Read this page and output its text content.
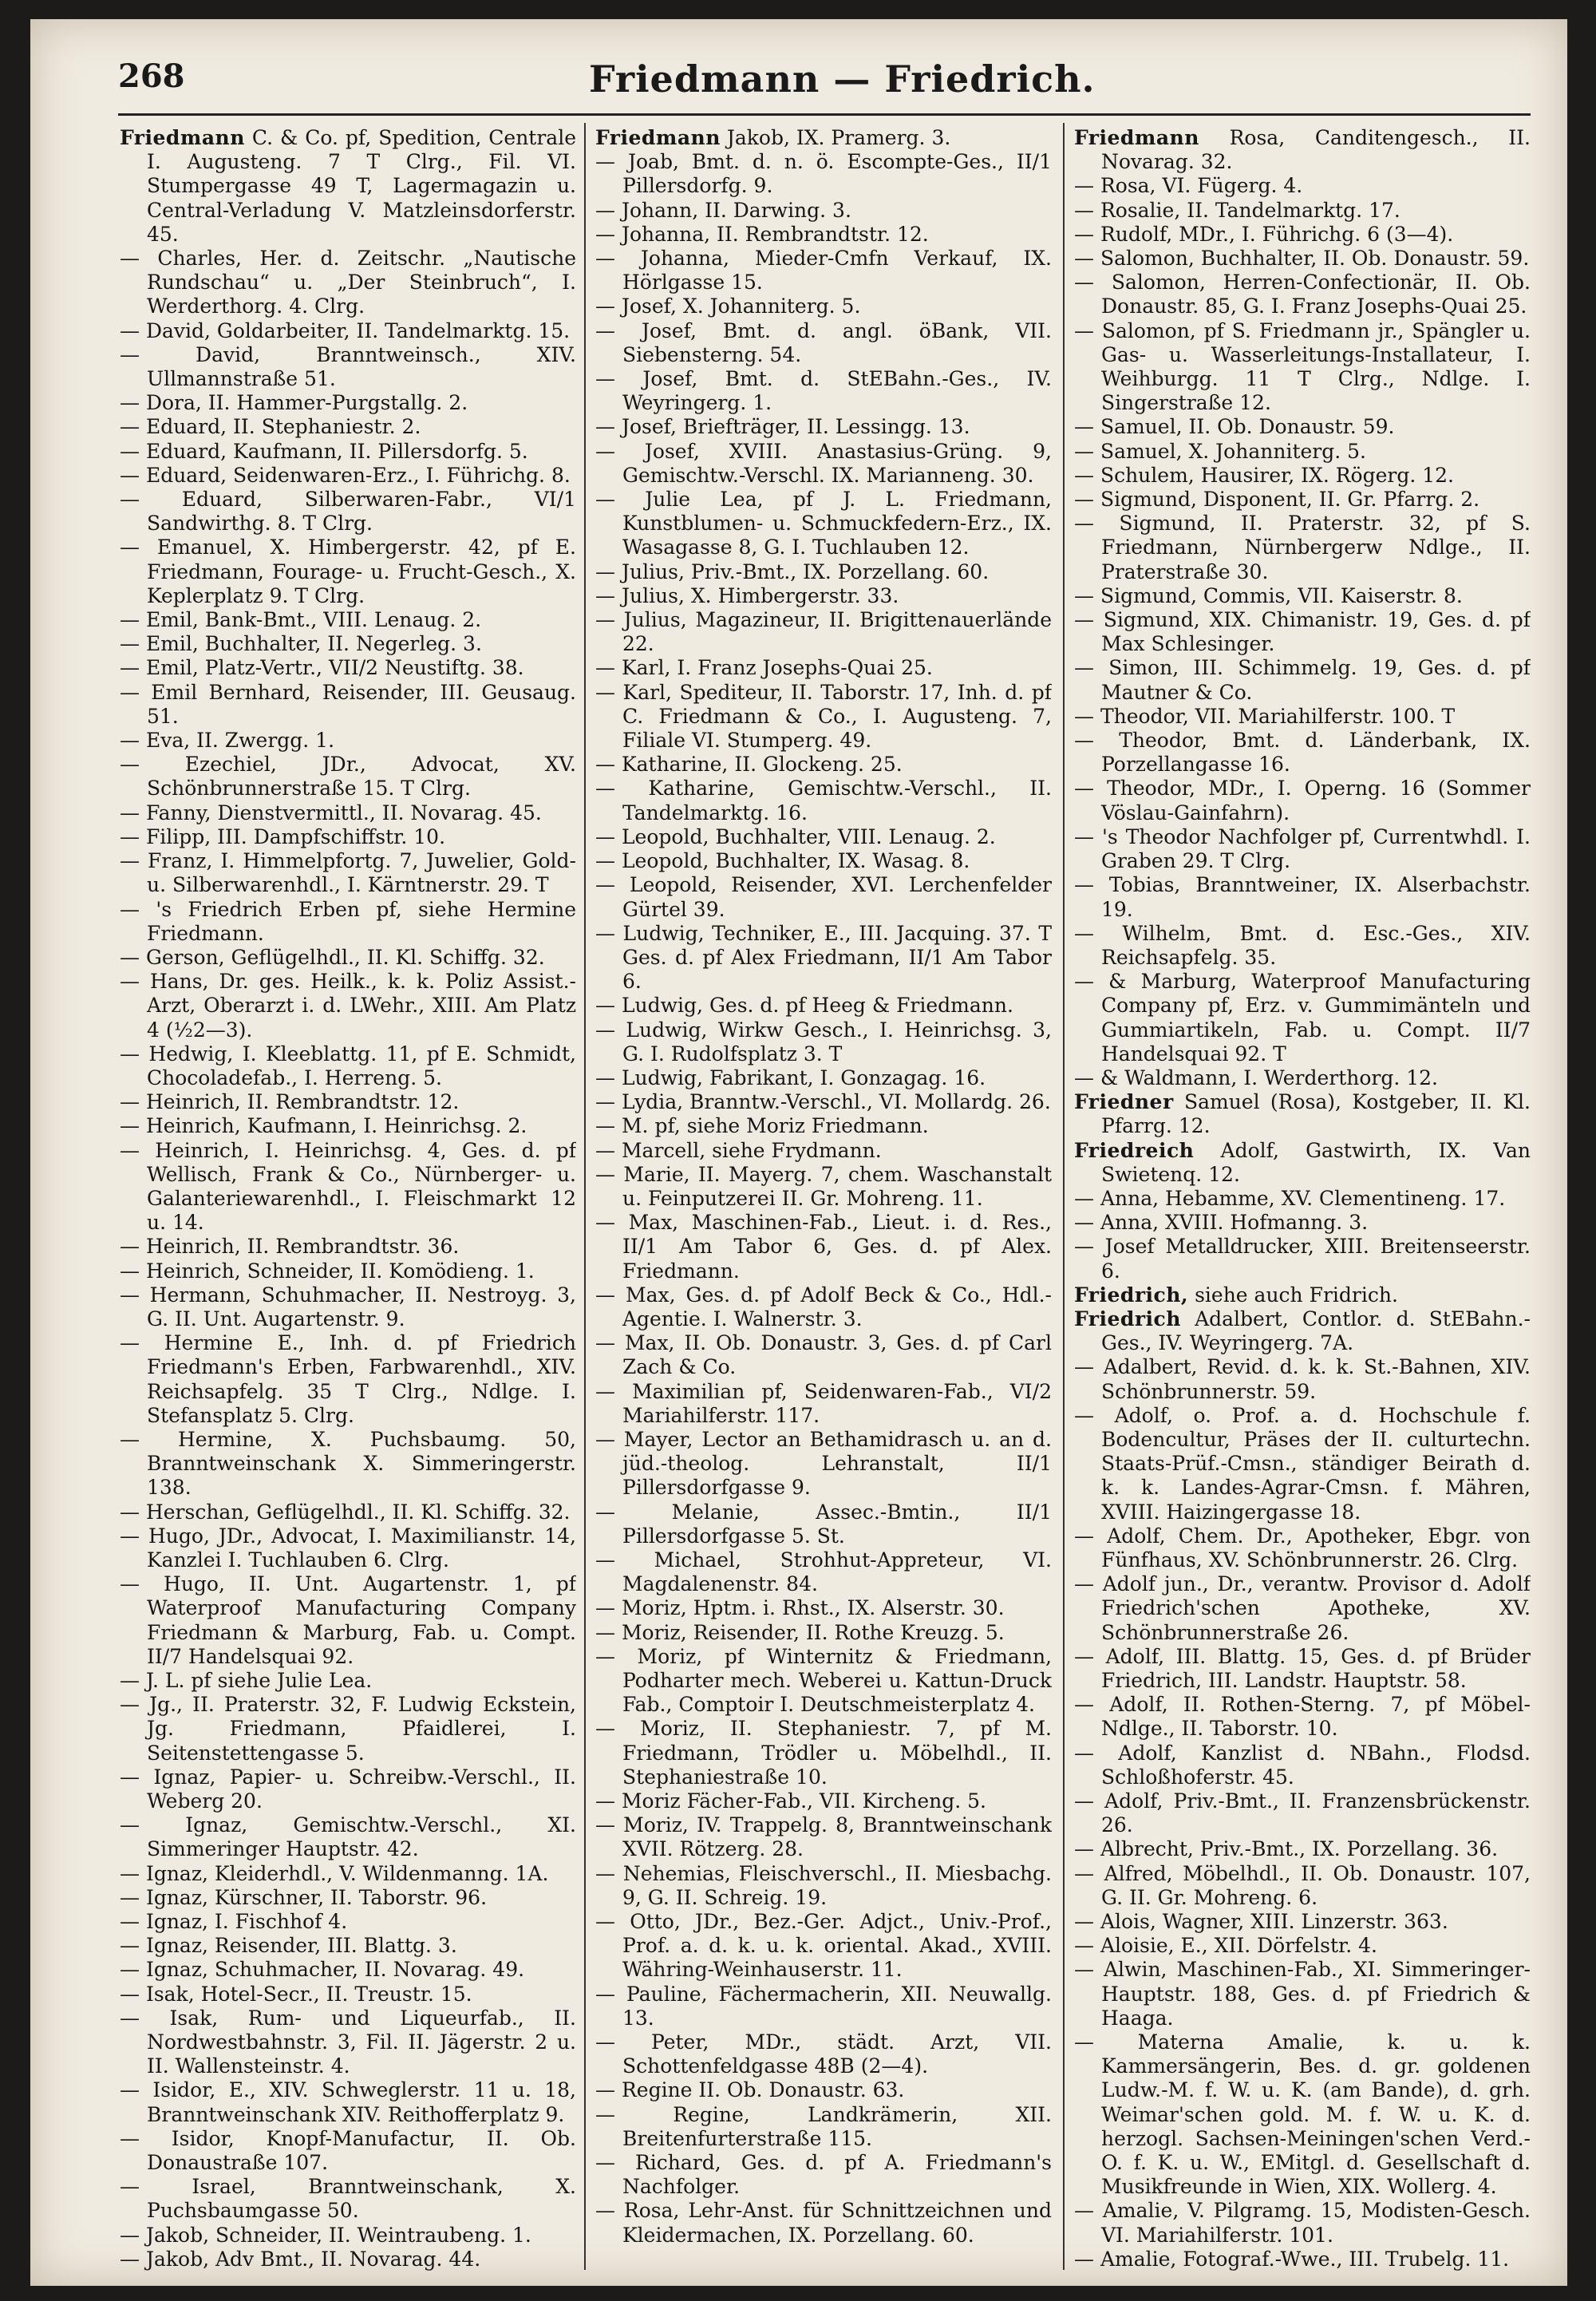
268	Friedmann — Friedrich.

Friedmann C. & Co. pf, Spedition, Centrale I. Augusteng. 7 T Clrg., Fil. VI. Stumpergasse 49 T, Lagermagazin u. Central-Verladung V. Matzleinsdorferstr. 45.

— Charles, Her. d. Zeitschr. „Nautische Rundschau“ u. „Der Steinbruch“, I. Werderthorg. 4. Clrg.

— David, Goldarbeiter, II. Tandelmarktg. 15.

— David, Branntweinsch., XIV. Ullmannstraße 51.

— Dora, II. Hammer-Purgstallg. 2.

— Eduard, II. Stephaniestr. 2.

— Eduard, Kaufmann, II. Pillersdorfg. 5.

— Eduard, Seidenwaren-Erz., I. Führichg. 8.

— Eduard, Silberwaren-Fabr., VI/1 Sandwirthg. 8. T Clrg.

— Emanuel, X. Himbergerstr. 42, pf E. Friedmann, Fourage- u. Frucht-Gesch., X. Keplerplatz 9. T Clrg.

— Emil, Bank-Bmt., VIII. Lenaug. 2.

— Emil, Buchhalter, II. Negerleg. 3.

— Emil, Platz-Vertr., VII/2 Neustiftg. 38.

— Emil Bernhard, Reisender, III. Geusaug. 51.

— Eva, II. Zwergg. 1.

— Ezechiel, JDr., Advocat, XV. Schönbrunnerstraße 15. T Clrg.

— Fanny, Dienstvermittl., II. Novarag. 45.

— Filipp, III. Dampfschiffstr. 10.

— Franz, I. Himmelpfortg. 7, Juwelier, Gold- u. Silberwarenhdl., I. Kärntnerstr. 29. T

— 's Friedrich Erben pf, siehe Hermine Friedmann.

— Gerson, Geflügelhdl., II. Kl. Schiffg. 32.

— Hans, Dr. ges. Heilk., k. k. Poliz Assist.-Arzt, Oberarzt i. d. LWehr., XIII. Am Platz 4 (½2—3).

— Hedwig, I. Kleeblattg. 11, pf E. Schmidt, Chocoladefab., I. Herreng. 5.

— Heinrich, II. Rembrandtstr. 12.

— Heinrich, Kaufmann, I. Heinrichsg. 2.

— Heinrich, I. Heinrichsg. 4, Ges. d. pf Wellisch, Frank & Co., Nürnberger- u. Galanteriewarenhdl., I. Fleischmarkt 12 u. 14.

— Heinrich, II. Rembrandtstr. 36.

— Heinrich, Schneider, II. Komödieng. 1.

— Hermann, Schuhmacher, II. Nestroyg. 3, G. II. Unt. Augartenstr. 9.

— Hermine E., Inh. d. pf Friedrich Friedmann's Erben, Farbwarenhdl., XIV. Reichsapfelg. 35 T Clrg., Ndlge. I. Stefansplatz 5. Clrg.

— Hermine, X. Puchsbaumg. 50, Branntweinschank X. Simmeringerstr. 138.

— Herschan, Geflügelhdl., II. Kl. Schiffg. 32.

— Hugo, JDr., Advocat, I. Maximilianstr. 14, Kanzlei I. Tuchlauben 6. Clrg.

— Hugo, II. Unt. Augartenstr. 1, pf Waterproof Manufacturing Company Friedmann & Marburg, Fab. u. Compt. II/7 Handelsquai 92.

— J. L. pf siehe Julie Lea.

— Jg., II. Praterstr. 32, F. Ludwig Eckstein, Jg. Friedmann, Pfaidlerei, I. Seitenstettengasse 5.

— Ignaz, Papier- u. Schreibw.-Verschl., II. Weberg 20.

— Ignaz, Gemischtw.-Verschl., XI. Simmeringer Hauptstr. 42.

— Ignaz, Kleiderhdl., V. Wildenmanng. 1A.

— Ignaz, Kürschner, II. Taborstr. 96.

— Ignaz, I. Fischhof 4.

— Ignaz, Reisender, III. Blattg. 3.

— Ignaz, Schuhmacher, II. Novarag. 49.

— Isak, Hotel-Secr., II. Treustr. 15.

— Isak, Rum- und Liqueurfab., II. Nordwestbahnstr. 3, Fil. II. Jägerstr. 2 u. II. Wallensteinstr. 4.

— Isidor, E., XIV. Schweglerstr. 11 u. 18, Branntweinschank XIV. Reithofferplatz 9.

— Isidor, Knopf-Manufactur, II. Ob. Donaustraße 107.

— Israel, Branntweinschank, X. Puchsbaumgasse 50.

— Jakob, Schneider, II. Weintraubeng. 1.

— Jakob, Adv Bmt., II. Novarag. 44.

Friedmann Jakob, IX. Pramerg. 3.

— Joab, Bmt. d. n. ö. Escompte-Ges., II/1 Pillersdorfg. 9.

— Johann, II. Darwing. 3.

— Johanna, II. Rembrandtstr. 12.

— Johanna, Mieder-Cmfn Verkauf, IX. Hörlgasse 15.

— Josef, X. Johanniterg. 5.

— Josef, Bmt. d. angl. öBank, VII. Siebensterng. 54.

— Josef, Bmt. d. StEBahn.-Ges., IV. Weyringerg. 1.

— Josef, Briefträger, II. Lessingg. 13.

— Josef, XVIII. Anastasius-Grüng. 9, Gemischtw.-Verschl. IX. Marianneng. 30.

— Julie Lea, pf J. L. Friedmann, Kunstblumen- u. Schmuckfedern-Erz., IX. Wasagasse 8, G. I. Tuchlauben 12.

— Julius, Priv.-Bmt., IX. Porzellang. 60.

— Julius, X. Himbergerstr. 33.

— Julius, Magazineur, II. Brigittenauerlände 22.

— Karl, I. Franz Josephs-Quai 25.

— Karl, Spediteur, II. Taborstr. 17, Inh. d. pf C. Friedmann & Co., I. Augusteng. 7, Filiale VI. Stumperg. 49.

— Katharine, II. Glockeng. 25.

— Katharine, Gemischtw.-Verschl., II. Tandelmarktg. 16.

— Leopold, Buchhalter, VIII. Lenaug. 2.

— Leopold, Buchhalter, IX. Wasag. 8.

— Leopold, Reisender, XVI. Lerchenfelder Gürtel 39.

— Ludwig, Techniker, E., III. Jacquing. 37. T Ges. d. pf Alex Friedmann, II/1 Am Tabor 6.

— Ludwig, Ges. d. pf Heeg & Friedmann.

— Ludwig, Wirkw Gesch., I. Heinrichsg. 3, G. I. Rudolfsplatz 3. T

— Ludwig, Fabrikant, I. Gonzagag. 16.

— Lydia, Branntw.-Verschl., VI. Mollardg. 26.

— M. pf, siehe Moriz Friedmann.

— Marcell, siehe Frydmann.

— Marie, II. Mayerg. 7, chem. Waschanstalt u. Feinputzerei II. Gr. Mohreng. 11.

— Max, Maschinen-Fab., Lieut. i. d. Res., II/1 Am Tabor 6, Ges. d. pf Alex. Friedmann.

— Max, Ges. d. pf Adolf Beck & Co., Hdl.-Agentie. I. Walnerstr. 3.

— Max, II. Ob. Donaustr. 3, Ges. d. pf Carl Zach & Co.

— Maximilian pf, Seidenwaren-Fab., VI/2 Mariahilferstr. 117.

— Mayer, Lector an Bethamidrasch u. an d. jüd.-theolog. Lehranstalt, II/1 Pillersdorfgasse 9.

— Melanie, Assec.-Bmtin., II/1 Pillersdorfgasse 5. St.

— Michael, Strohhut-Appreteur, VI. Magdalenenstr. 84.

— Moriz, Hptm. i. Rhst., IX. Alserstr. 30.

— Moriz, Reisender, II. Rothe Kreuzg. 5.

— Moriz, pf Winternitz & Friedmann, Podharter mech. Weberei u. Kattun-Druck Fab., Comptoir I. Deutschmeisterplatz 4.

— Moriz, II. Stephaniestr. 7, pf M. Friedmann, Trödler u. Möbelhdl., II. Stephaniestraße 10.

— Moriz Fächer-Fab., VII. Kircheng. 5.

— Moriz, IV. Trappelg. 8, Branntweinschank XVII. Rötzerg. 28.

— Nehemias, Fleischverschl., II. Miesbachg. 9, G. II. Schreig. 19.

— Otto, JDr., Bez.-Ger. Adjct., Univ.-Prof., Prof. a. d. k. u. k. oriental. Akad., XVIII. Währing-Weinhauserstr. 11.

— Pauline, Fächermacherin, XII. Neuwallg. 13.

— Peter, MDr., städt. Arzt, VII. Schottenfeldgasse 48B (2—4).

— Regine II. Ob. Donaustr. 63.

— Regine, Landkrämerin, XII. Breitenfurterstraße 115.

— Richard, Ges. d. pf A. Friedmann's Nachfolger.

— Rosa, Lehr-Anst. für Schnittzeichnen und Kleidermachen, IX. Porzellang. 60.

Friedmann Rosa, Canditengesch., II. Novarag. 32.

— Rosa, VI. Fügerg. 4.

— Rosalie, II. Tandelmarktg. 17.

— Rudolf, MDr., I. Führichg. 6 (3—4).

— Salomon, Buchhalter, II. Ob. Donaustr. 59.

— Salomon, Herren-Confectionär, II. Ob. Donaustr. 85, G. I. Franz Josephs-Quai 25.

— Salomon, pf S. Friedmann jr., Spängler u. Gas- u. Wasserleitungs-Installateur, I. Weihburgg. 11 T Clrg., Ndlge. I. Singerstraße 12.

— Samuel, II. Ob. Donaustr. 59.

— Samuel, X. Johanniterg. 5.

— Schulem, Hausirer, IX. Rögerg. 12.

— Sigmund, Disponent, II. Gr. Pfarrg. 2.

— Sigmund, II. Praterstr. 32, pf S. Friedmann, Nürnbergerw Ndlge., II. Praterstraße 30.

— Sigmund, Commis, VII. Kaiserstr. 8.

— Sigmund, XIX. Chimanistr. 19, Ges. d. pf Max Schlesinger.

— Simon, III. Schimmelg. 19, Ges. d. pf Mautner & Co.

— Theodor, VII. Mariahilferstr. 100. T

— Theodor, Bmt. d. Länderbank, IX. Porzellangasse 16.

— Theodor, MDr., I. Operng. 16 (Sommer Vöslau-Gainfahrn).

— 's Theodor Nachfolger pf, Currentwhdl. I. Graben 29. T Clrg.

— Tobias, Branntweiner, IX. Alserbachstr. 19.

— Wilhelm, Bmt. d. Esc.-Ges., XIV. Reichsapfelg. 35.

— & Marburg, Waterproof Manufacturing Company pf, Erz. v. Gummimänteln und Gummiartikeln, Fab. u. Compt. II/7 Handelsquai 92. T

— & Waldmann, I. Werderthorg. 12.

Friedner Samuel (Rosa), Kostgeber, II. Kl. Pfarrg. 12.

Friedreich Adolf, Gastwirth, IX. Van Swietenq. 12.

— Anna, Hebamme, XV. Clementineng. 17.

— Anna, XVIII. Hofmanng. 3.

— Josef Metalldrucker, XIII. Breitenseerstr. 6.

Friedrich, siehe auch Fridrich.

Friedrich Adalbert, Contlor. d. StEBahn.-Ges., IV. Weyringerg. 7A.

— Adalbert, Revid. d. k. k. St.-Bahnen, XIV. Schönbrunnerstr. 59.

— Adolf, o. Prof. a. d. Hochschule f. Bodencultur, Präses der II. culturtechn. Staats-Prüf.-Cmsn., ständiger Beirath d. k. k. Landes-Agrar-Cmsn. f. Mähren, XVIII. Haizingergasse 18.

— Adolf, Chem. Dr., Apotheker, Ebgr. von Fünfhaus, XV. Schönbrunnerstr. 26. Clrg.

— Adolf jun., Dr., verantw. Provisor d. Adolf Friedrich'schen Apotheke, XV. Schönbrunnerstraße 26.

— Adolf, III. Blattg. 15, Ges. d. pf Brüder Friedrich, III. Landstr. Hauptstr. 58.

— Adolf, II. Rothen-Sterng. 7, pf Möbel-Ndlge., II. Taborstr. 10.

— Adolf, Kanzlist d. NBahn., Flodsd. Schloßhoferstr. 45.

— Adolf, Priv.-Bmt., II. Franzensbrückenstr. 26.

— Albrecht, Priv.-Bmt., IX. Porzellang. 36.

— Alfred, Möbelhdl., II. Ob. Donaustr. 107, G. II. Gr. Mohreng. 6.

— Alois, Wagner, XIII. Linzerstr. 363.

— Aloisie, E., XII. Dörfelstr. 4.

— Alwin, Maschinen-Fab., XI. Simmeringer-Hauptstr. 188, Ges. d. pf Friedrich & Haaga.

— Materna Amalie, k. u. k. Kammersängerin, Bes. d. gr. goldenen Ludw.-M. f. W. u. K. (am Bande), d. grh. Weimar'schen gold. M. f. W. u. K. d. herzogl. Sachsen-Meiningen'schen Verd.-O. f. K. u. W., EMitgl. d. Gesellschaft d. Musikfreunde in Wien, XIX. Wollerg. 4.

— Amalie, V. Pilgramg. 15, Modisten-Gesch. VI. Mariahilferstr. 101.

— Amalie, Fotograf.-Wwe., III. Trubelg. 11.
